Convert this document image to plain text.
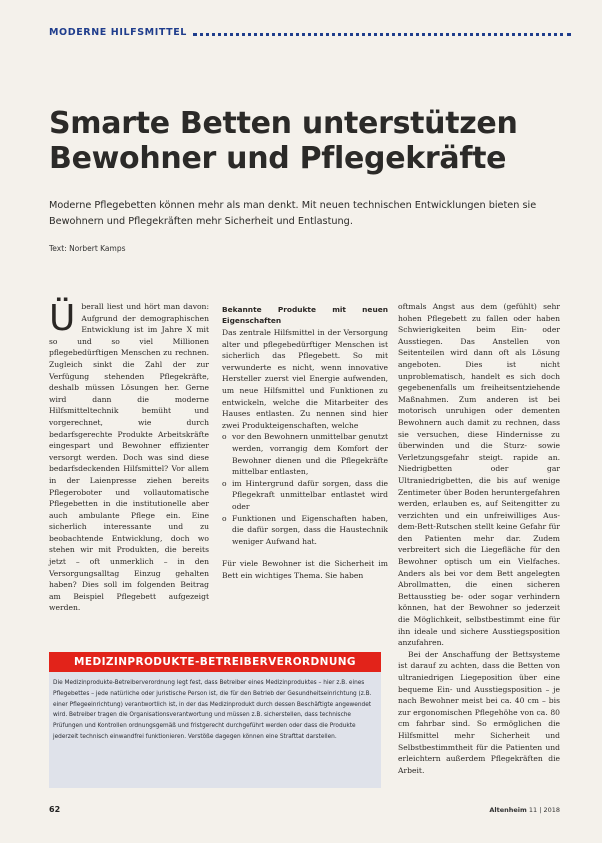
MODERNE HILFSMITTEL
Smarte Betten unterstützen Bewohner und Pflegekräfte

Moderne Pflegebetten können mehr als man denkt. Mit neuen technischen Entwicklungen bieten sie Bewohnern und Pflegekräften mehr Sicherheit und Entlastung.

Text: Norbert Kamps
Ü berall liest und hört man davon: Aufgrund der demographischen Entwicklung ist im Jahre X mit so und so viel Millionen pflegebedürftigen Menschen zu rechnen. Zugleich sinkt die Zahl der zur Verfügung stehenden Pflegekräfte, deshalb müssen Lösungen her. Gerne wird dann die moderne Hilfsmitteltechnik bemüht und vorgerechnet, wie durch bedarfsgerechte Produkte Arbeitskräfte eingespart und Bewohner effizienter versorgt werden. Doch was sind diese bedarfsdeckenden Hilfsmittel? Vor allem in der Laienpresse ziehen bereits Pflegeroboter und vollautomatische Pflegebetten in die institutionelle aber auch ambulante Pflege ein. Eine sicherlich interessante und zu beobachtende Entwicklung, doch wo stehen wir mit Produkten, die bereits jetzt – oft unmerklich – in den Versorgungsalltag Einzug gehalten haben? Dies soll im folgenden Beitrag am Beispiel Pflegebett aufgezeigt werden.

Bekannte Produkte mit neuen Eigenschaften

Das zentrale Hilfsmittel in der Versorgung alter und pflegebedürftiger Menschen ist sicherlich das Pflegebett. So mit verwunderte es nicht, wenn innovative Hersteller zuerst viel Energie aufwenden, um neue Hilfsmittel und Funktionen zu entwickeln, welche die Mitarbeiter des Hauses entlasten. Zu nennen sind hier zwei Produkteigenschaften, welche

o vor den Bewohnern unmittelbar genutzt werden, vorrangig dem Komfort der Bewohner dienen und die Pflegekräfte mittelbar entlasten,
o im Hintergrund dafür sorgen, dass die Pflegekraft unmittelbar entlastet wird oder
o Funktionen und Eigenschaften haben, die dafür sorgen, dass die Haustechnik weniger Aufwand hat.

Für viele Bewohner ist die Sicherheit im Bett ein wichtiges Thema. Sie haben

oftmals Angst aus dem (gefühlt) sehr hohen Pflegebett zu fallen oder haben Schwierigkeiten beim Ein- oder Ausstiegen. Das Anstellen von Seitenteilen wird dann oft als Lösung angeboten. Dies ist nicht unproblematisch, handelt es sich doch gegebenenfalls um freiheitsentziehende Maßnahmen. Zum anderen ist bei motorisch unruhigen oder dementen Bewohnern auch damit zu rechnen, dass sie versuchen, diese Hindernisse zu überwinden und die Sturz- sowie Verletzungsgefahr steigt. rapide an. Niedrigbetten oder gar Ultraniedrigbetten, die bis auf wenige Zentimeter über Boden heruntergefahren werden, erlauben es, auf Seitengitter zu verzichten und ein unfreiwilliges Aus-dem-Bett-Rutschen stellt keine Gefahr für den Patienten mehr dar. Zudem verbreitert sich die Liegefläche für den Bewohner optisch um ein Vielfaches. Anders als bei vor dem Bett angelegten Abrollmatten, die einen sicheren Bettausstieg be- oder sogar verhindern können, hat der Bewohner so jederzeit die Möglichkeit, selbstbestimmt eine für ihn ideale und sichere Ausstiegsposition anzufahren.

Bei der Anschaffung der Bettsysteme ist darauf zu achten, dass die Betten von ultraniedrigen Liegeposition über eine bequeme Ein- und Ausstiegsposition – je nach Bewohner meist bei ca. 40 cm – bis zur ergonomischen Pflegehöhe von ca. 80 cm fahrbar sind. So ermöglichen die Hilfsmittel mehr Sicherheit und Selbstbestimmtheit für die Patienten und erleichtern außerdem Pflegekräften die Arbeit.

MEDIZINPRODUKTE-BETREIBERVERORDNUNG

Die Medizinprodukte-Betreiberverordnung legt fest, dass Betreiber eines Medizinproduktes – hier z.B. eines Pflegebettes – jede natürliche oder juristische Person ist, die für den Betrieb der Gesundheitseinrichtung (z.B. einer Pflegeeinrichtung) verantwortlich ist, in der das Medizinprodukt durch dessen Beschäftigte angewendet wird. Betreiber tragen die Organisationsverantwortung und müssen z.B. sicherstellen, dass technische Prüfungen und Kontrollen ordnungsgemäß und fristgerecht durchgeführt werden oder dass die Produkte jederzeit technisch einwandfrei funktionieren. Verstöße dagegen können eine Strafttat darstellen.

62	Altenheim 11 | 2018
